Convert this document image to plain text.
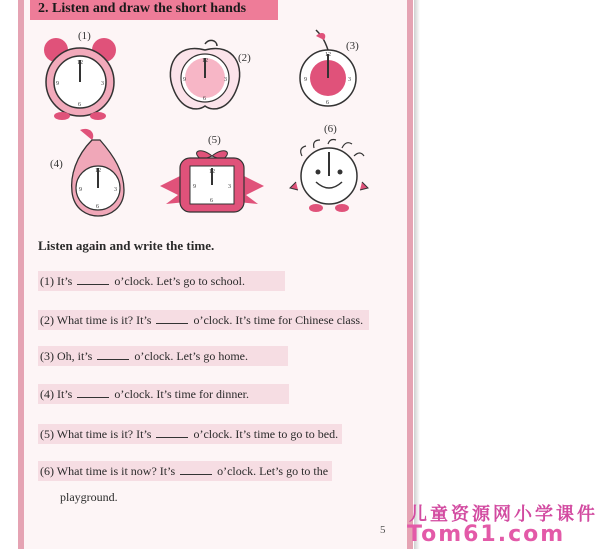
2. Listen and draw the short hands
(1)
12
3
6
9
(2)
12
3
6
9
(3)
12
3
6
9
(4)
12
3
6
9
(5)
12
3
6
9
(6)
Listen again and write the time.
(1) It’s	o’clock. Let’s go to school.
(2) What time is it? It’s	o’clock. It’s time for Chinese class.
(3) Oh, it’s	o’clock. Let’s go home.
(4) It’s	o’clock. It’s time for dinner.
(5) What time is it? It’s	o’clock. It’s time to go to bed.
(6) What time is it now? It’s	o’clock. Let’s go to the
playground.
5
儿童资源网小学课件
Tom61.com
